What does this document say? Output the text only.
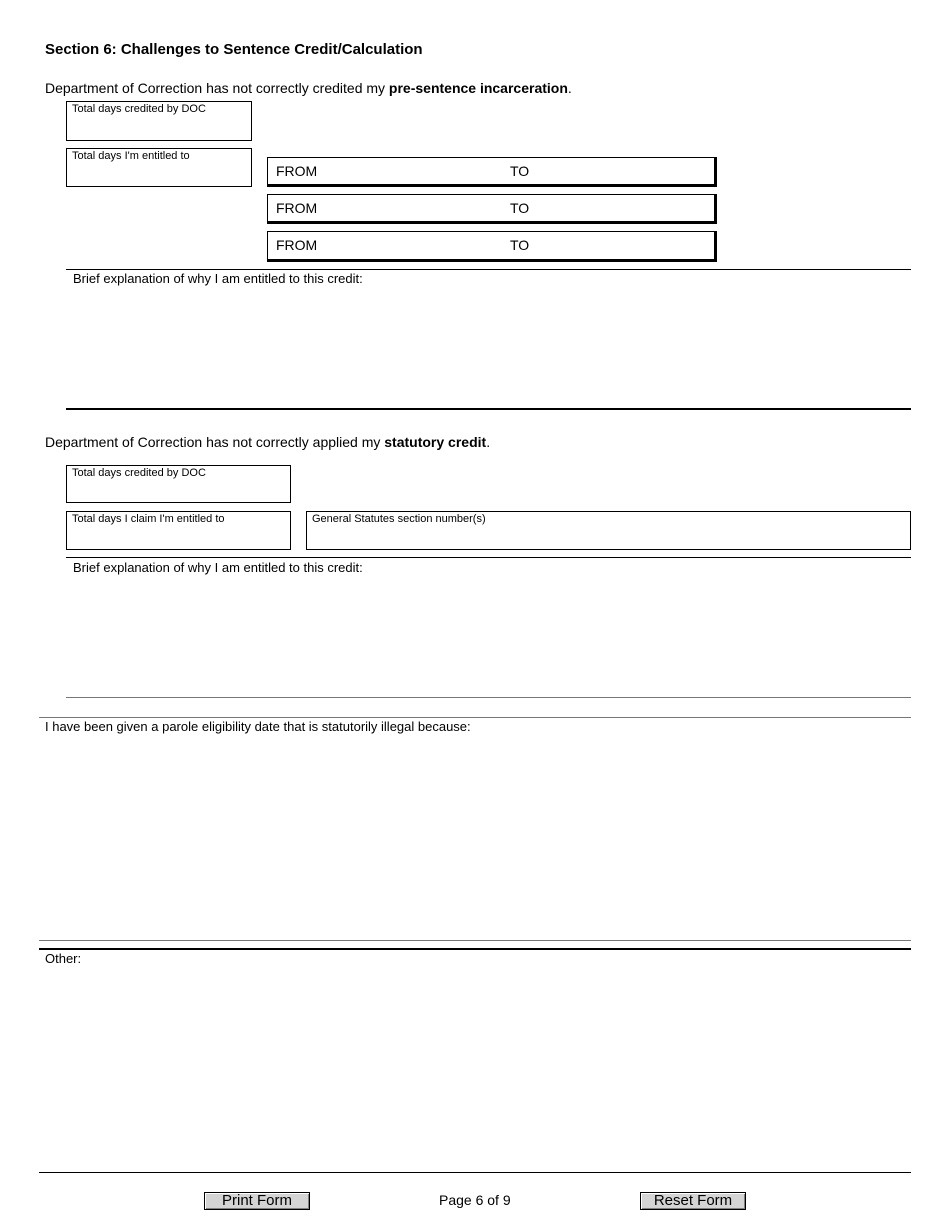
Section 6: Challenges to Sentence Credit/Calculation
Department of Correction has not correctly credited my pre-sentence incarceration.
Total days credited by DOC
Total days I'm entitled to
FROM	TO
FROM	TO
FROM	TO
Brief explanation of why I am entitled to this credit:
Department of Correction has not correctly applied my statutory credit.
Total days credited by DOC
Total days I claim I'm entitled to	General Statutes section number(s)
Brief explanation of why I am entitled to this credit:
I have been given a parole eligibility date that is statutorily illegal because:
Other:
Print Form	Page 6 of 9	Reset Form
